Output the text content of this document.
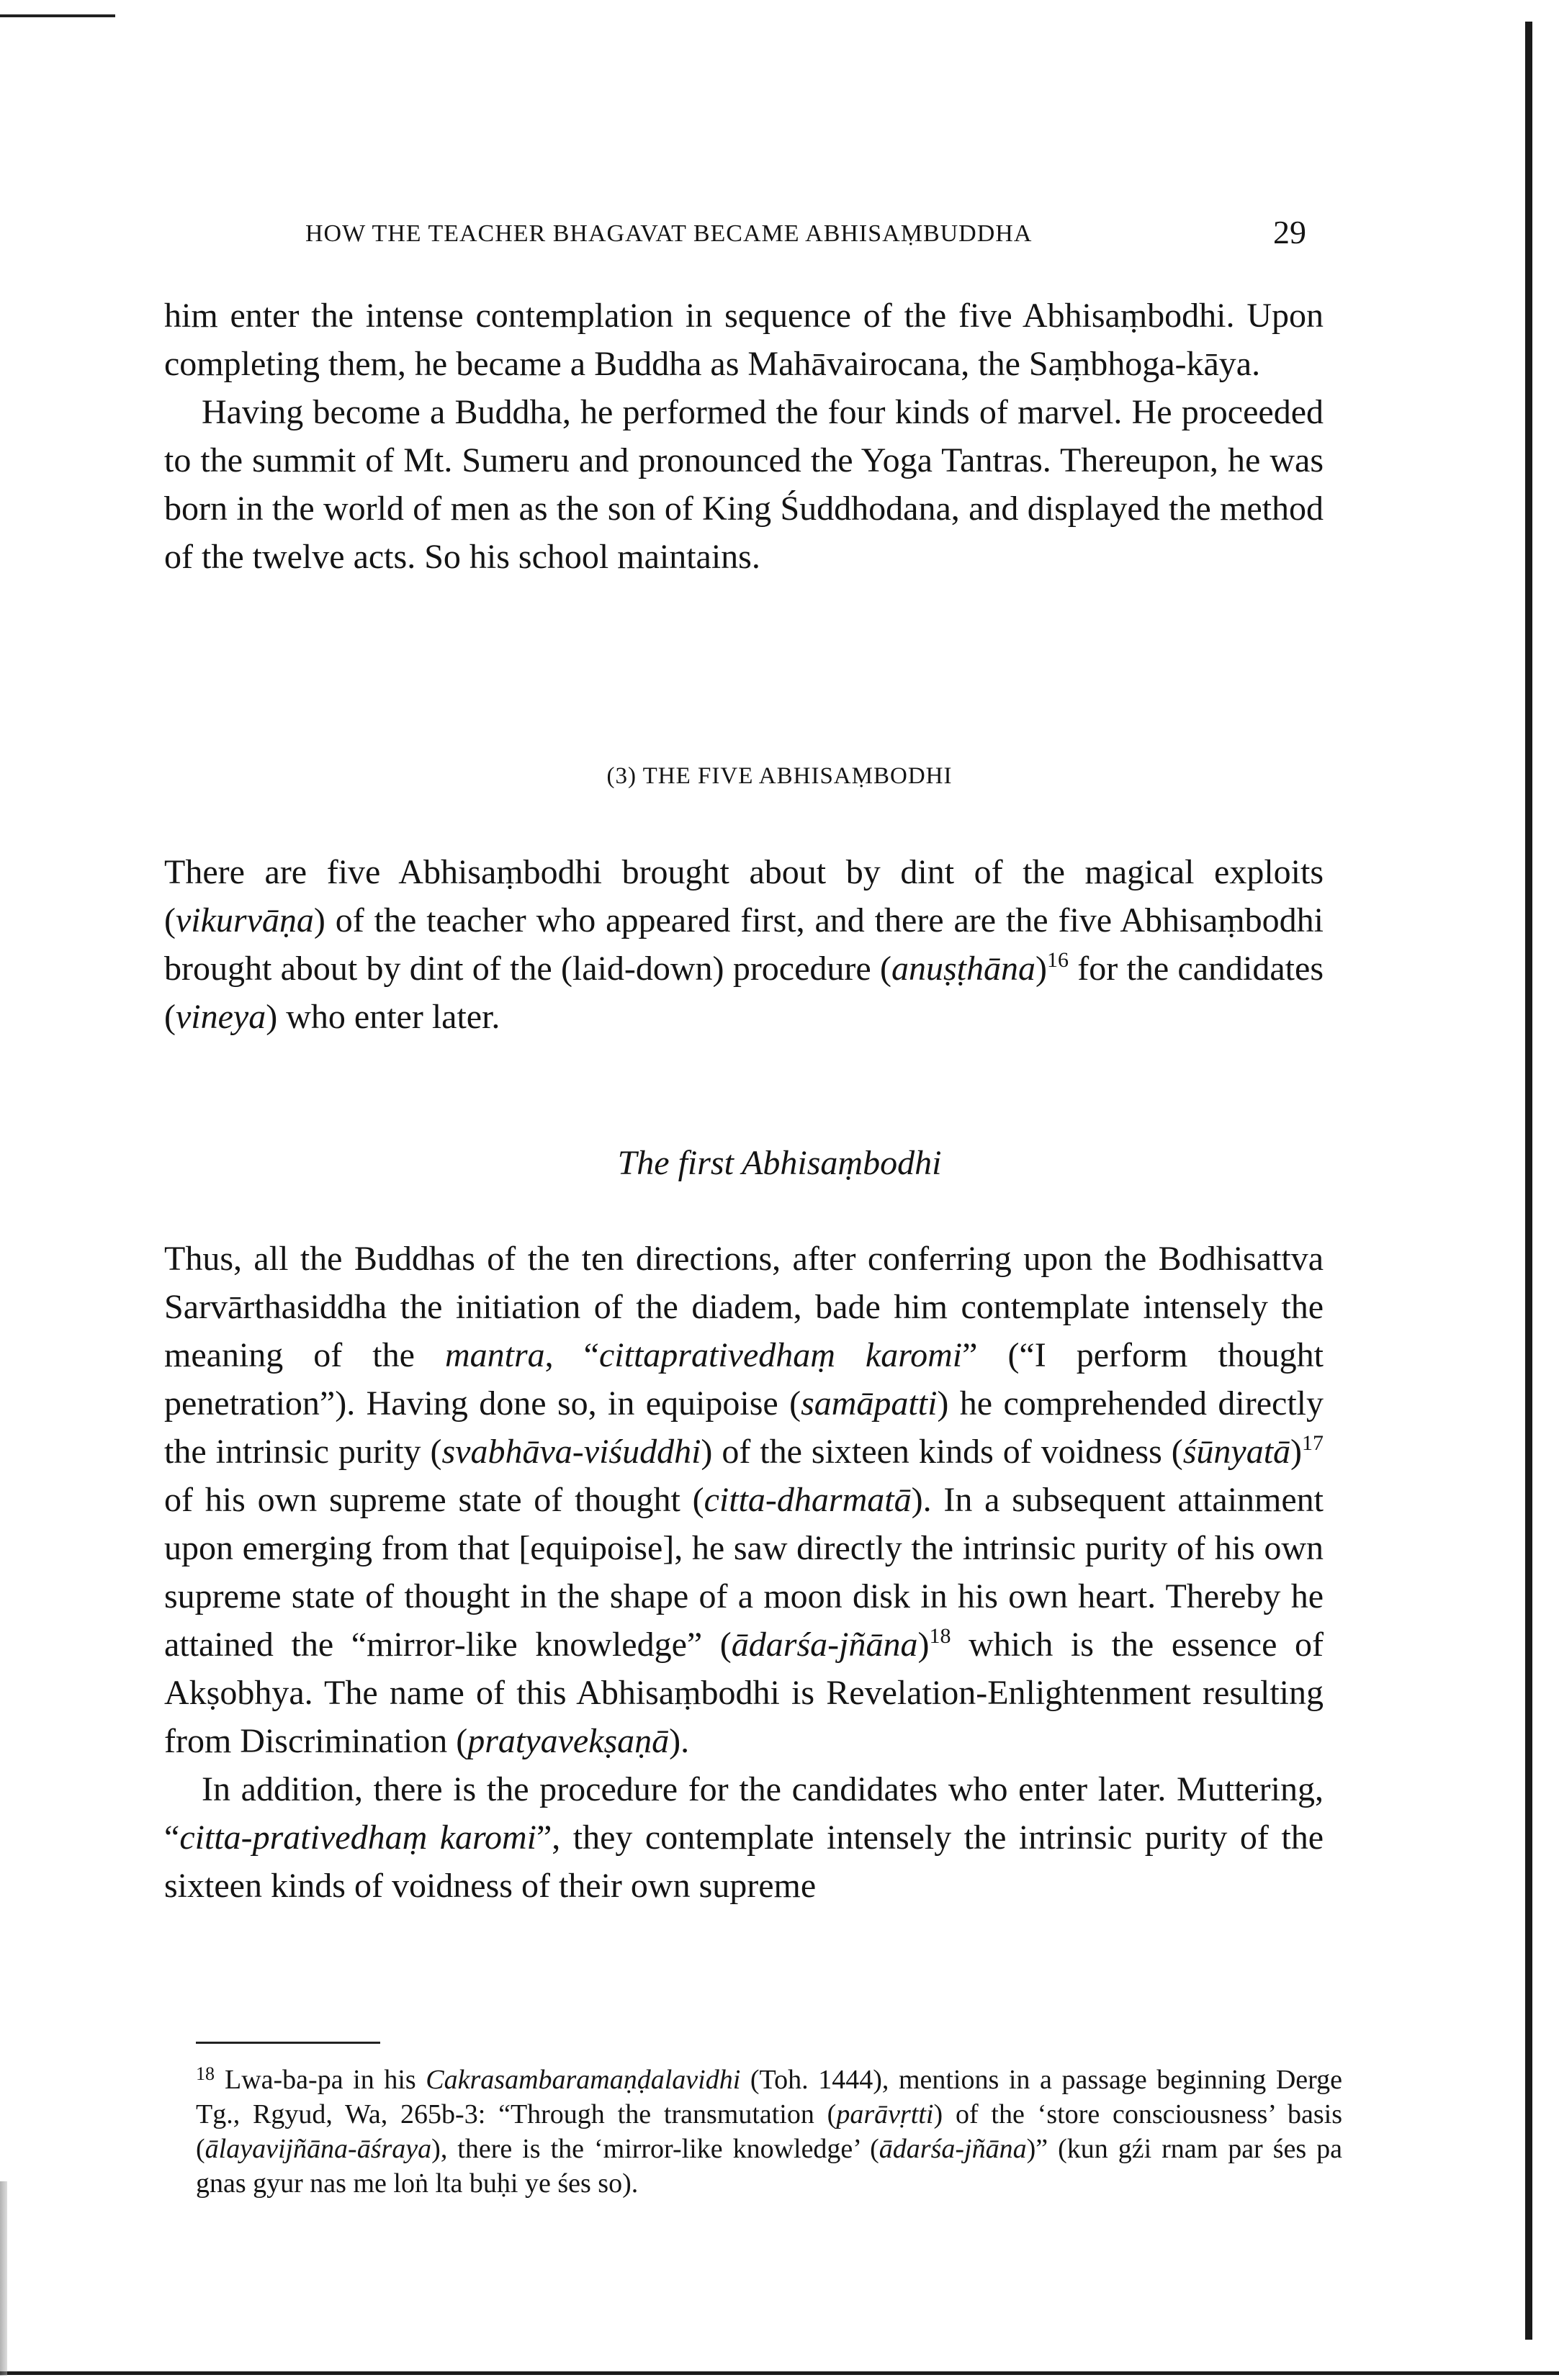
HOW THE TEACHER BHAGAVAT BECAME ABHISAṂBUDDHA	29

him enter the intense contemplation in sequence of the five Abhisaṃbodhi. Upon completing them, he became a Buddha as Mahāvairocana, the Saṃbhoga-kāya.

Having become a Buddha, he performed the four kinds of marvel. He proceeded to the summit of Mt. Sumeru and pronounced the Yoga Tantras. Thereupon, he was born in the world of men as the son of King Śuddhodana, and displayed the method of the twelve acts. So his school maintains.

(3) THE FIVE ABHISAṂBODHI

There are five Abhisaṃbodhi brought about by dint of the magical exploits (vikurvāṇa) of the teacher who appeared first, and there are the five Abhisaṃbodhi brought about by dint of the (laid-down) procedure (anuṣṭhāna)$^{16}$ for the candidates (vineya) who enter later.

The first Abhisaṃbodhi

Thus, all the Buddhas of the ten directions, after conferring upon the Bodhisattva Sarvārthasiddha the initiation of the diadem, bade him contemplate intensely the meaning of the mantra, “cittaprativedhaṃ karomi” (“I perform thought penetration”). Having done so, in equipoise (samāpatti) he comprehended directly the intrinsic purity (svabhāva-viśuddhi) of the sixteen kinds of voidness (śūnyatā)$^{17}$ of his own supreme state of thought (citta-dharmatā). In a subsequent attainment upon emerging from that [equipoise], he saw directly the intrinsic purity of his own supreme state of thought in the shape of a moon disk in his own heart. Thereby he attained the “mirror-like knowledge” (ādarśa-jñāna)$^{18}$ which is the essence of Akṣobhya. The name of this Abhisaṃbodhi is Revelation-Enlightenment resulting from Discrimination (pratyavekṣaṇā).

In addition, there is the procedure for the candidates who enter later. Muttering, “citta-prativedhaṃ karomi”, they contemplate intensely the intrinsic purity of the sixteen kinds of voidness of their own supreme

$^{18}$ Lwa-ba-pa in his Cakrasambaramaṇḍalavidhi (Toh. 1444), mentions in a passage beginning Derge Tg., Rgyud, Wa, 265b-3: “Through the transmutation (parāvṛtti) of the ‘store consciousness’ basis (ālayavijñāna-āśraya), there is the ‘mirror-like knowledge’ (ādarśa-jñāna)” (kun gźi rnam par śes pa gnas gyur nas me loṅ lta buḥi ye śes so).
